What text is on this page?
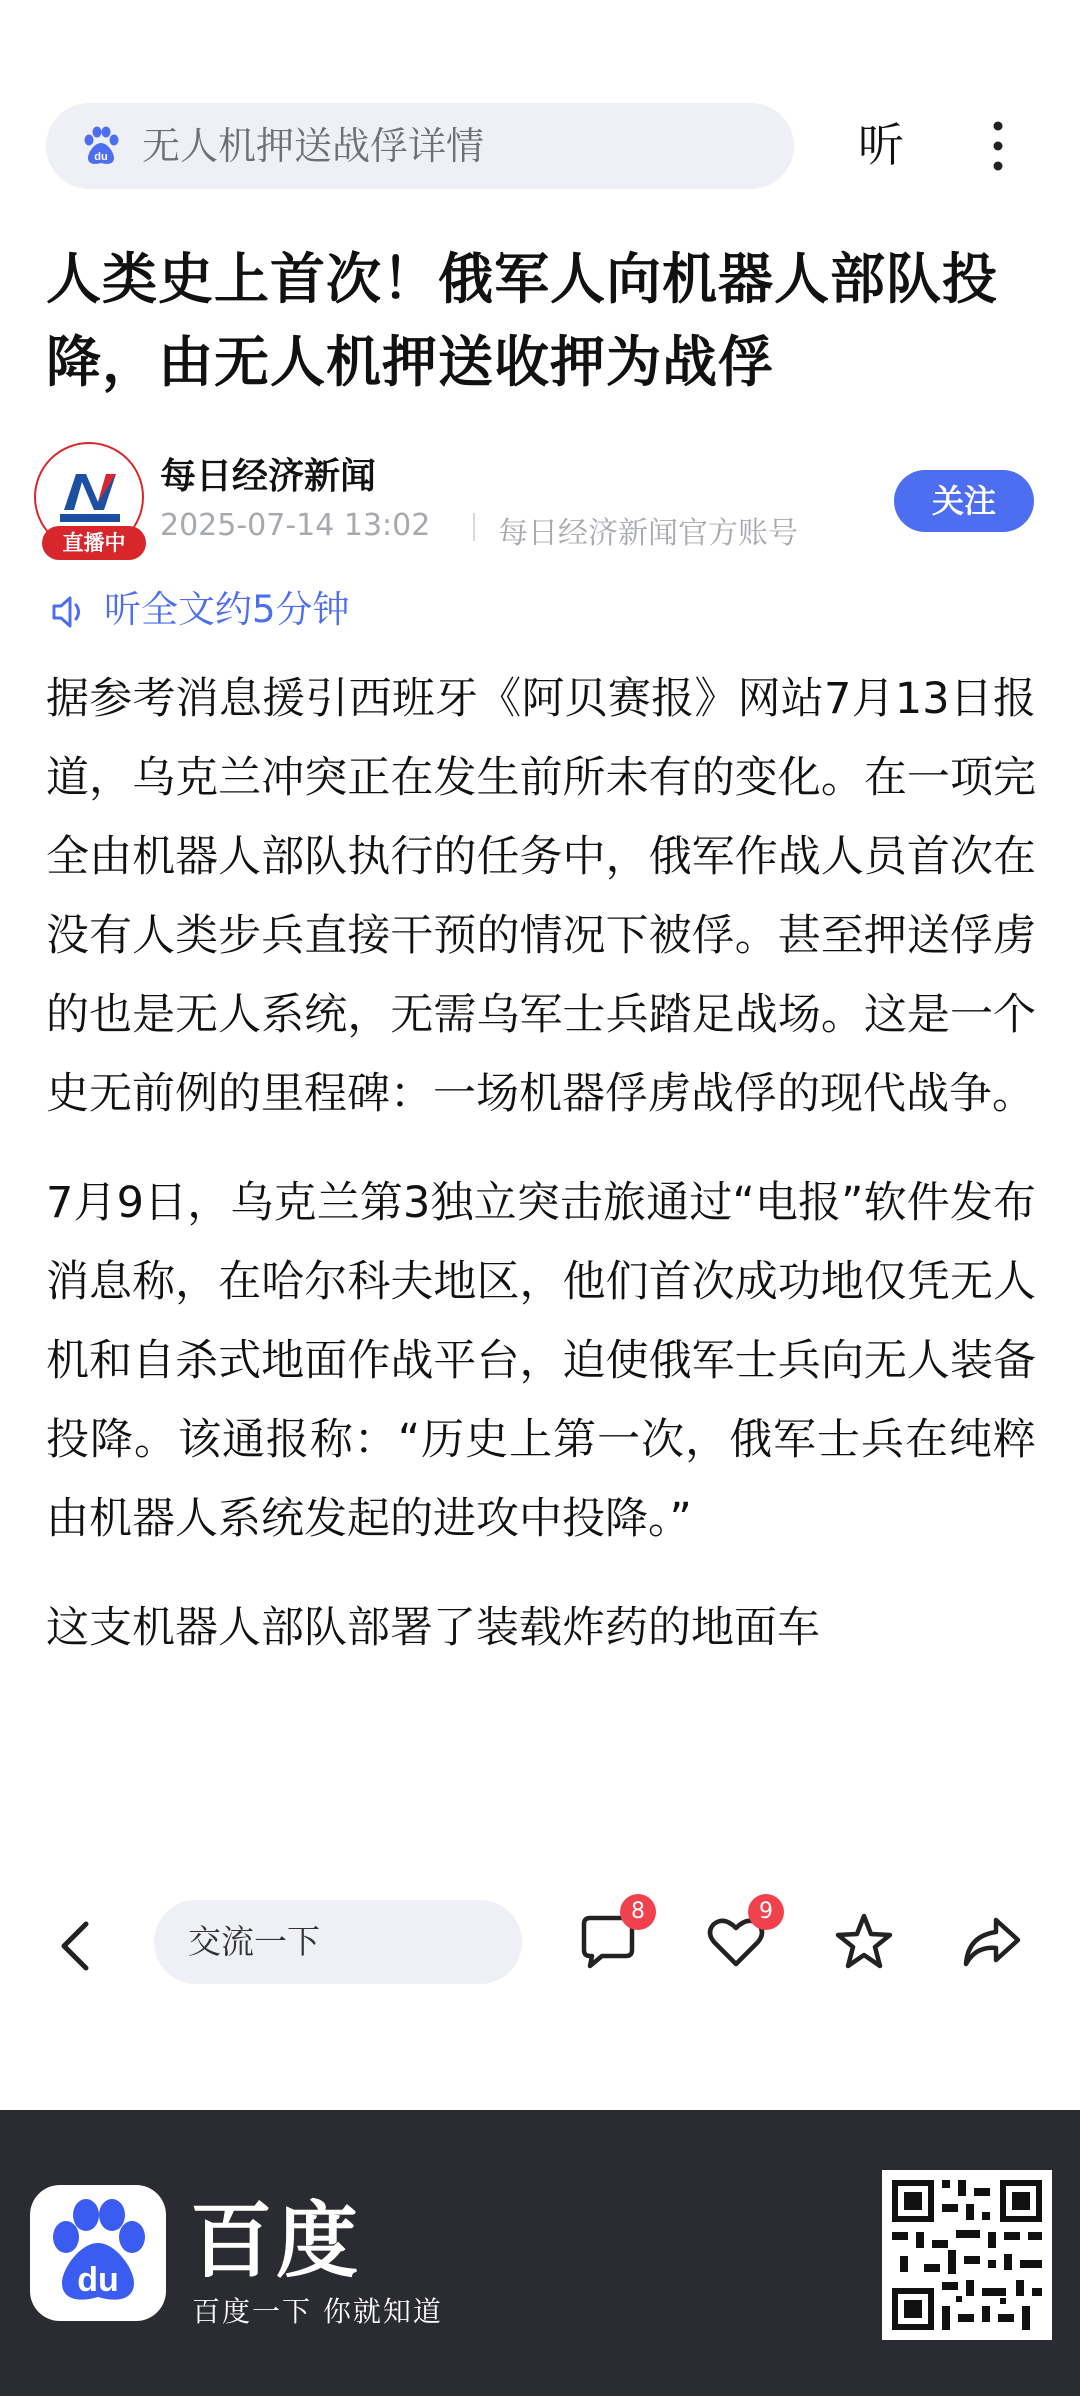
du 无人机押送战俘详情	听
人类史上首次！俄军人向机器人部队投降，由无人机押送收押为战俘
直播中
每日经济新闻
2025-07-14 13:02 每日经济新闻官方账号
关注
听全文约5分钟

据参考消息援引西班牙《阿贝赛报》网站7月13日报道，乌克兰冲突正在发生前所未有的变化。在一项完全由机器人部队执行的任务中，俄军作战人员首次在没有人类步兵直接干预的情况下被俘。甚至押送俘虏的也是无人系统，无需乌军士兵踏足战场。这是一个史无前例的里程碑：一场机器俘虏战俘的现代战争。

7月9日，乌克兰第3独立突击旅通过“电报”软件发布消息称，在哈尔科夫地区，他们首次成功地仅凭无人机和自杀式地面作战平台，迫使俄军士兵向无人装备投降。该通报称：“历史上第一次，俄军士兵在纯粹由机器人系统发起的进攻中投降。”

这支机器人部队部署了装载炸药的地面车

交流一下
8	9
du 百度
百度一下 你就知道
